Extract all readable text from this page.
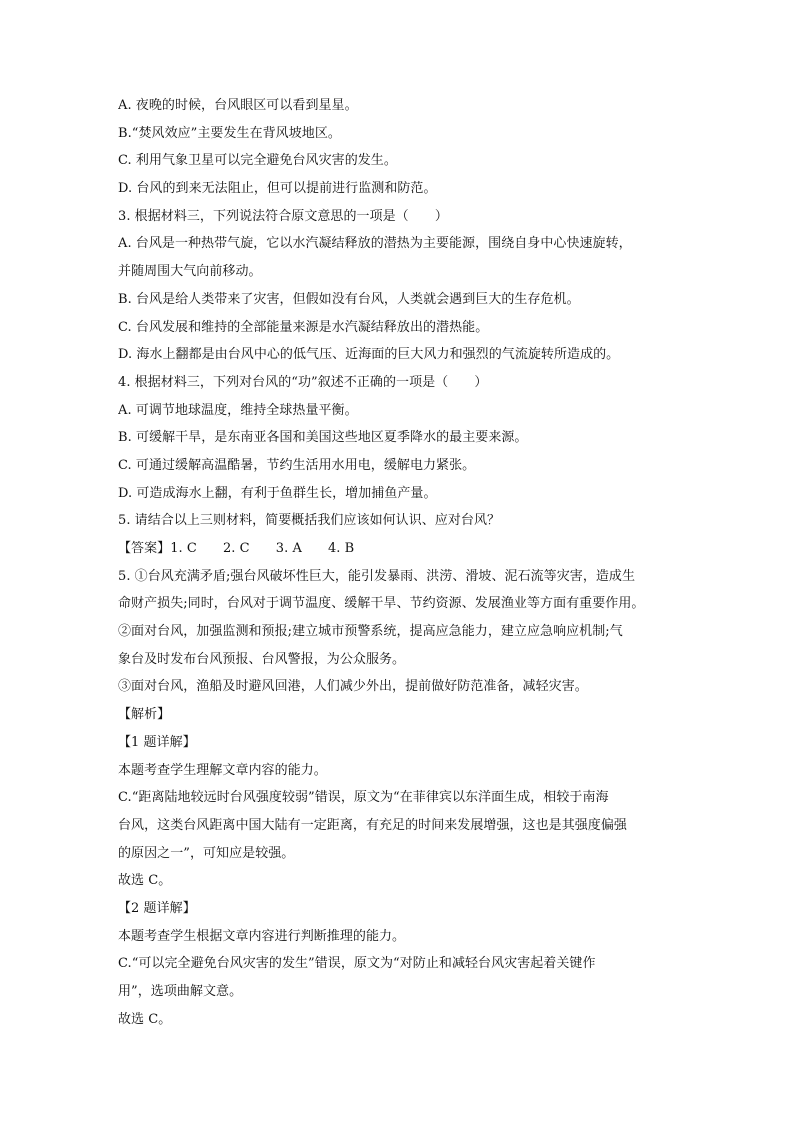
A. 夜晚的时候，台风眼区可以看到星星。
B.“焚风效应”主要发生在背风坡地区。
C. 利用气象卫星可以完全避免台风灾害的发生。
D. 台风的到来无法阻止，但可以提前进行监测和防范。
3. 根据材料三，下列说法符合原文意思的一项是（　　）
A. 台风是一种热带气旋，它以水汽凝结释放的潜热为主要能源，围绕自身中心快速旋转，
并随周围大气向前移动。
B. 台风是给人类带来了灾害，但假如没有台风，人类就会遇到巨大的生存危机。
C. 台风发展和维持的全部能量来源是水汽凝结释放出的潜热能。
D. 海水上翻都是由台风中心的低气压、近海面的巨大风力和强烈的气流旋转所造成的。
4. 根据材料三，下列对台风的“功”叙述不正确的一项是（　　）
A. 可调节地球温度，维持全球热量平衡。
B. 可缓解干旱，是东南亚各国和美国这些地区夏季降水的最主要来源。
C. 可通过缓解高温酷暑，节约生活用水用电，缓解电力紧张。
D. 可造成海水上翻，有利于鱼群生长，增加捕鱼产量。
5. 请结合以上三则材料，简要概括我们应该如何认识、应对台风？
【答案】1. C　　2. C　　3. A　　4. B
5. ①台风充满矛盾;强台风破坏性巨大，能引发暴雨、洪涝、滑坡、泥石流等灾害，造成生
命财产损失;同时，台风对于调节温度、缓解干旱、节约资源、发展渔业等方面有重要作用。
②面对台风，加强监测和预报;建立城市预警系统，提高应急能力，建立应急响应机制;气
象台及时发布台风预报、台风警报，为公众服务。
③面对台风，渔船及时避风回港，人们减少外出，提前做好防范准备，减轻灾害。
【解析】
【1 题详解】
本题考查学生理解文章内容的能力。
C.“距离陆地较远时台风强度较弱”错误，原文为“在菲律宾以东洋面生成，相较于南海
台风，这类台风距离中国大陆有一定距离，有充足的时间来发展增强，这也是其强度偏强
的原因之一”，可知应是较强。
故选 C。
【2 题详解】
本题考查学生根据文章内容进行判断推理的能力。
C.“可以完全避免台风灾害的发生”错误，原文为“对防止和减轻台风灾害起着关键作
用”，选项曲解文意。
故选 C。
